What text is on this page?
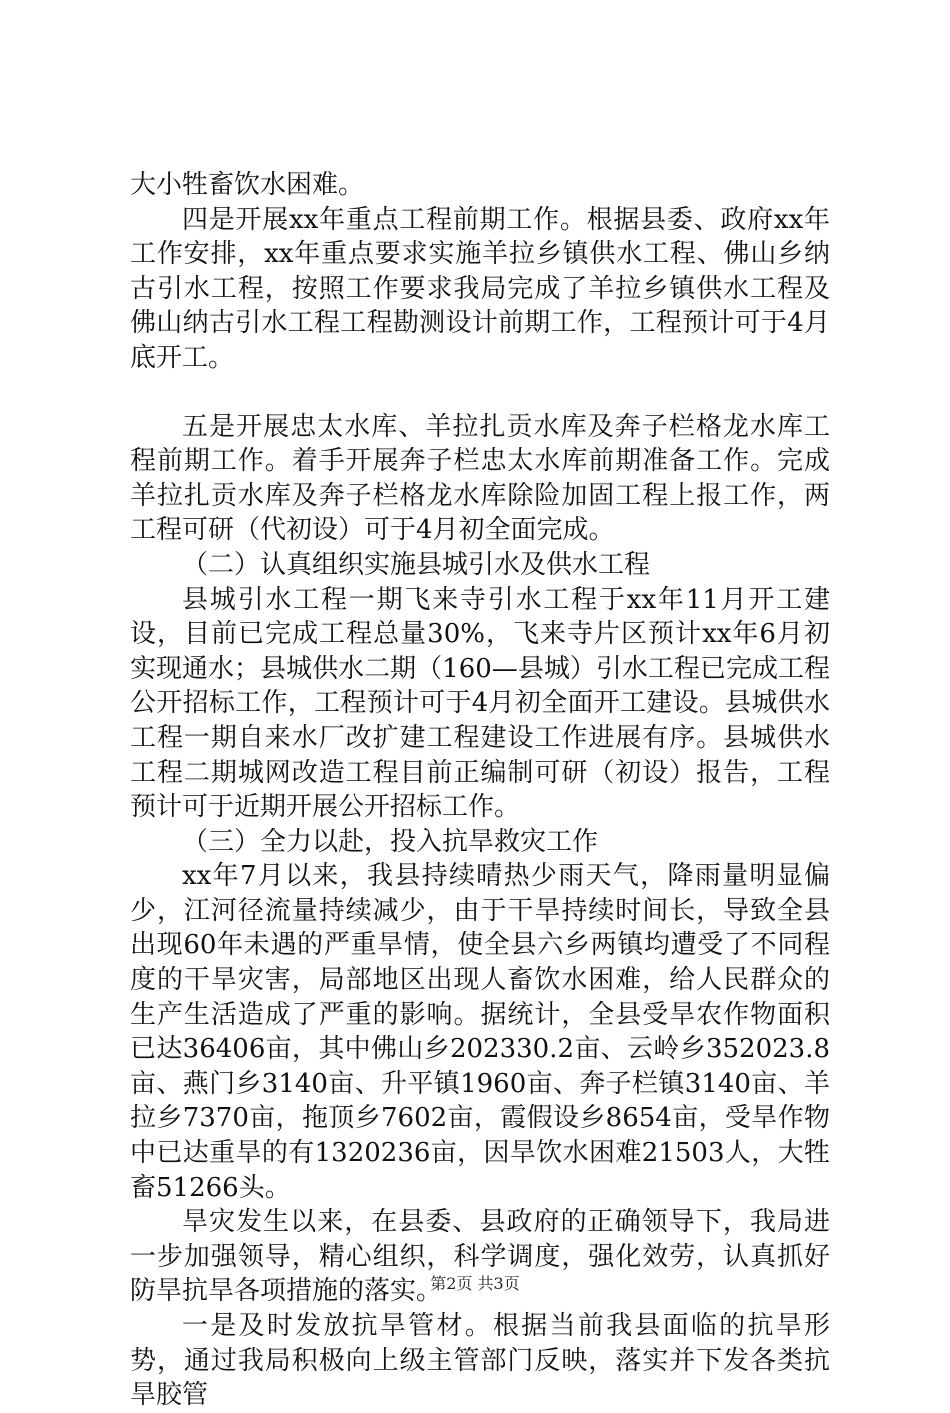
大小牲畜饮水困难。

四是开展xx年重点工程前期工作。根据县委、政府xx年工作安排，xx年重点要求实施羊拉乡镇供水工程、佛山乡纳古引水工程，按照工作要求我局完成了羊拉乡镇供水工程及佛山纳古引水工程工程勘测设计前期工作，工程预计可于4月底开工。

五是开展忠太水库、羊拉扎贡水库及奔子栏格龙水库工程前期工作。着手开展奔子栏忠太水库前期准备工作。完成羊拉扎贡水库及奔子栏格龙水库除险加固工程上报工作，两工程可研（代初设）可于4月初全面完成。

（二）认真组织实施县城引水及供水工程

县城引水工程一期飞来寺引水工程于xx年11月开工建设，目前已完成工程总量30%，飞来寺片区预计xx年6月初实现通水；县城供水二期（160—县城）引水工程已完成工程公开招标工作，工程预计可于4月初全面开工建设。县城供水工程一期自来水厂改扩建工程建设工作进展有序。县城供水工程二期城网改造工程目前正编制可研（初设）报告，工程预计可于近期开展公开招标工作。

（三）全力以赴，投入抗旱救灾工作

xx年7月以来，我县持续晴热少雨天气，降雨量明显偏少，江河径流量持续减少，由于干旱持续时间长，导致全县出现60年未遇的严重旱情，使全县六乡两镇均遭受了不同程度的干旱灾害，局部地区出现人畜饮水困难，给人民群众的生产生活造成了严重的影响。据统计，全县受旱农作物面积已达36406亩，其中佛山乡202330.2亩、云岭乡352023.8亩、燕门乡3140亩、升平镇1960亩、奔子栏镇3140亩、羊拉乡7370亩，拖顶乡7602亩，霞假设乡8654亩，受旱作物中已达重旱的有1320236亩，因旱饮水困难21503人，大牲畜51266头。

旱灾发生以来，在县委、县政府的正确领导下，我局进一步加强领导，精心组织，科学调度，强化效劳，认真抓好防旱抗旱各项措施的落实。

一是及时发放抗旱管材。根据当前我县面临的抗旱形势，通过我局积极向上级主管部门反映，落实并下发各类抗旱胶管

第2页 共3页
